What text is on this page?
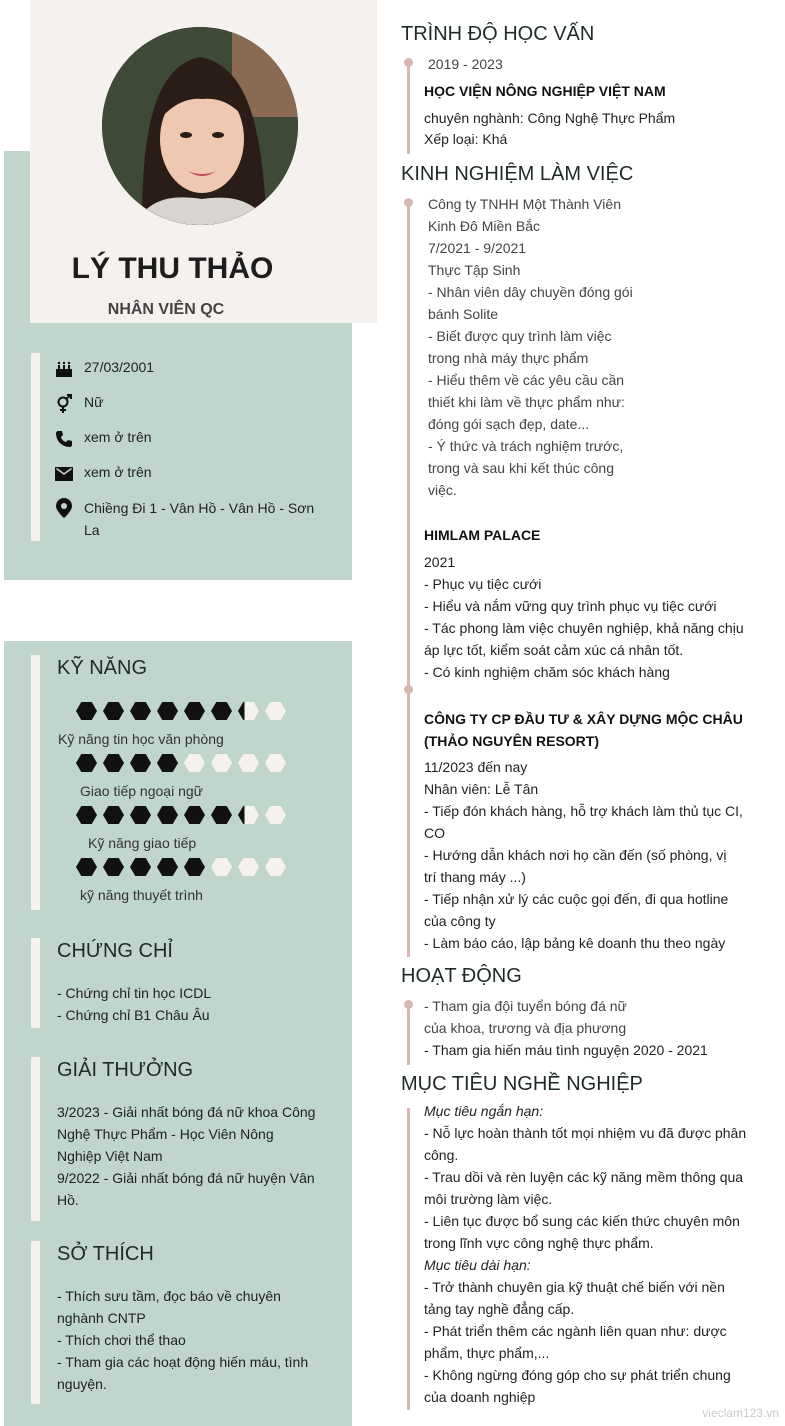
LÝ THU THẢO
NHÂN VIÊN QC
27/03/2001
Nữ
xem ở trên
xem ở trên
Chiềng Đi 1 - Vân Hồ - Vân Hồ - Sơn La
KỸ NĂNG
Kỹ năng tin học văn phòng
Giao tiếp ngoại ngữ
Kỹ năng giao tiếp
kỹ năng thuyết trình
CHỨNG CHỈ
- Chứng chỉ tin học ICDL
- Chứng chỉ B1 Châu Âu
GIẢI THƯỞNG
3/2023 - Giải nhất bóng đá nữ khoa Công
Nghệ Thực Phẩm - Học Viên Nông
Nghiệp Việt Nam
9/2022 - Giải nhất bóng đá nữ huyện Vân
Hồ.
SỞ THÍCH
- Thích sưu tầm, đọc báo về chuyên
nghành CNTP
- Thích chơi thể thao
- Tham gia các hoạt động hiến máu, tình
nguyện.
TRÌNH ĐỘ HỌC VẤN
2019 - 2023
HỌC VIỆN NÔNG NGHIỆP VIỆT NAM
chuyên nghành: Công Nghệ Thực Phẩm
Xếp loại: Khá
KINH NGHIỆM LÀM VIỆC
Công ty TNHH Một Thành Viên
Kinh Đô Miền Bắc
7/2021 - 9/2021
Thực Tập Sinh
- Nhân viên dây chuyền đóng gói
bánh Solite
- Biết được quy trình làm việc
trong nhà máy thực phẩm
- Hiểu thêm về các yêu cầu cần
thiết khi làm về thực phẩm như:
đóng gói sạch đẹp, date...
- Ý thức và trách nghiệm trước,
trong và sau khi kết thúc công
việc.
HIMLAM PALACE
2021
- Phục vụ tiệc cưới
- Hiểu và nắm vững quy trình phục vụ tiệc cưới
- Tác phong làm việc chuyên nghiệp, khả năng chịu
áp lực tốt, kiểm soát cảm xúc cá nhân tốt.
- Có kinh nghiệm chăm sóc khách hàng
CÔNG TY CP ĐẦU TƯ & XÂY DỰNG MỘC CHÂU
(THẢO NGUYÊN RESORT)
11/2023 đến nay
Nhân viên: Lễ Tân
- Tiếp đón khách hàng, hỗ trợ khách làm thủ tục CI,
CO
- Hướng dẫn khách nơi họ cần đến (số phòng, vị
trí thang máy ...)
- Tiếp nhận xử lý các cuộc gọi đến, đi qua hotline
của công ty
- Làm báo cáo, lập bảng kê doanh thu theo ngày
HOẠT ĐỘNG
- Tham gia đội tuyển bóng đá nữ
của khoa, trương và địa phương
- Tham gia hiến máu tình nguyện 2020 - 2021
MỤC TIÊU NGHỀ NGHIỆP
Mục tiêu ngắn hạn:
- Nỗ lực hoàn thành tốt mọi nhiệm vu đã được phân
công.
- Trau dồi và rèn luyện các kỹ năng mềm thông qua
môi trường làm việc.
- Liên tục được bổ sung các kiến thức chuyên môn
trong lĩnh vực công nghệ thực phẩm.
Mục tiêu dài hạn:
- Trở thành chuyên gia kỹ thuật chế biến với nền
tảng tay nghề đẳng cấp.
- Phát triển thêm các ngành liên quan như: dược
phẩm, thực phẩm,...
- Không ngừng đóng góp cho sự phát triển chung
của doanh nghiệp
vieclam123.vn
